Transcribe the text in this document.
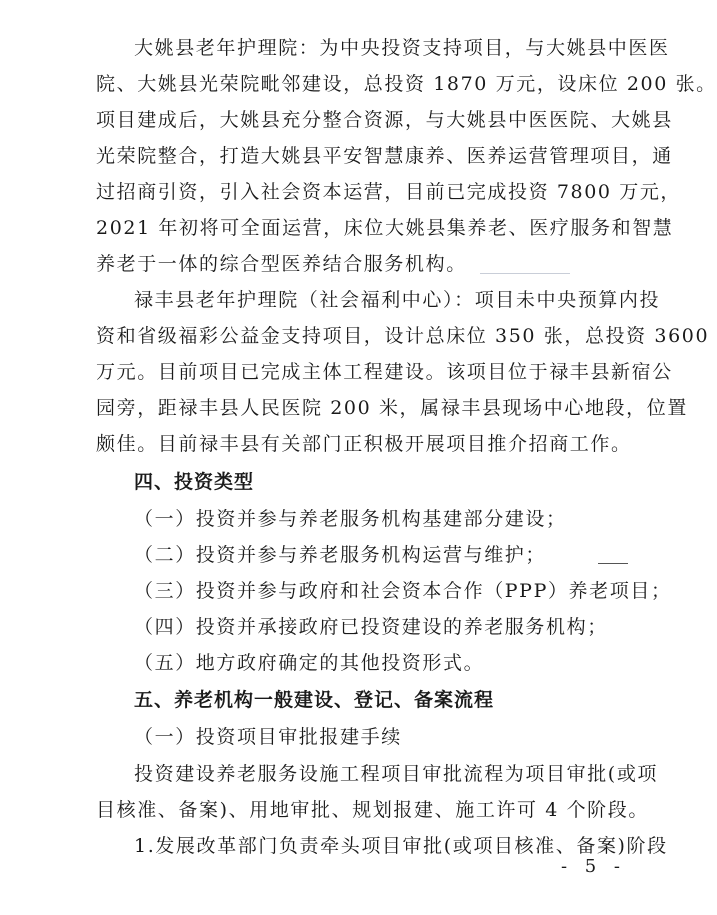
大姚县老年护理院：为中央投资支持项目，与大姚县中医医
院、大姚县光荣院毗邻建设，总投资 1870 万元，设床位 200 张。
项目建成后，大姚县充分整合资源，与大姚县中医医院、大姚县
光荣院整合，打造大姚县平安智慧康养、医养运营管理项目，通
过招商引资，引入社会资本运营，目前已完成投资 7800 万元，
2021 年初将可全面运营，床位大姚县集养老、医疗服务和智慧
养老于一体的综合型医养结合服务机构。
禄丰县老年护理院（社会福利中心）：项目未中央预算内投
资和省级福彩公益金支持项目，设计总床位 350 张，总投资 3600
万元。目前项目已完成主体工程建设。该项目位于禄丰县新宿公
园旁，距禄丰县人民医院 200 米，属禄丰县现场中心地段，位置
颇佳。目前禄丰县有关部门正积极开展项目推介招商工作。
四、投资类型
（一）投资并参与养老服务机构基建部分建设；
（二）投资并参与养老服务机构运营与维护；
（三）投资并参与政府和社会资本合作（PPP）养老项目；
（四）投资并承接政府已投资建设的养老服务机构；
（五）地方政府确定的其他投资形式。
五、养老机构一般建设、登记、备案流程
（一）投资项目审批报建手续
投资建设养老服务设施工程项目审批流程为项目审批(或项
目核准、备案)、用地审批、规划报建、施工许可 4 个阶段。
1.发展改革部门负责牵头项目审批(或项目核准、备案)阶段
- 5 -
